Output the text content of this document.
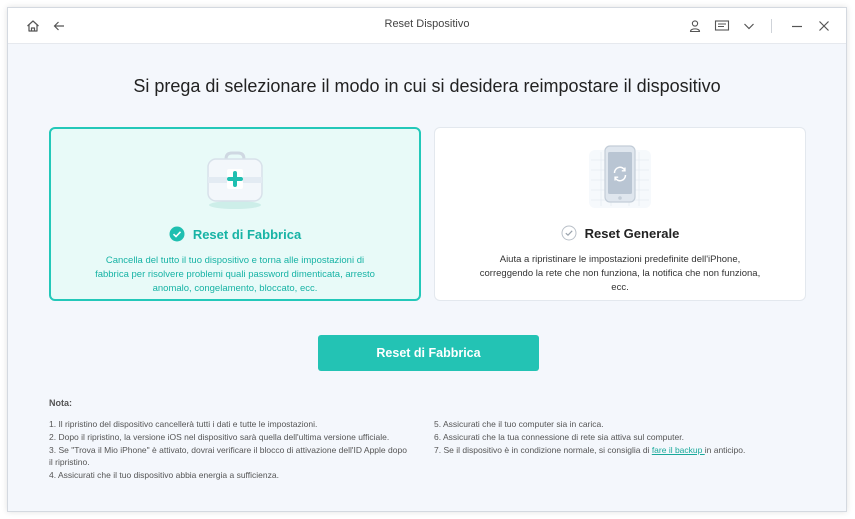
Reset Dispositivo
Si prega di selezionare il modo in cui si desidera reimpostare il dispositivo
Reset di Fabbrica
Cancella del tutto il tuo dispositivo e torna alle impostazioni di fabbrica per risolvere problemi quali password dimenticata, arresto anomalo, congelamento, bloccato, ecc.
Reset Generale
Aiuta a ripristinare le impostazioni predefinite dell'iPhone, correggendo la rete che non funziona, la notifica che non funziona, ecc.
Reset di Fabbrica
Nota:

1. Il ripristino del dispositivo cancellerà tutti i dati e tutte le impostazioni.

2. Dopo il ripristino, la versione iOS nel dispositivo sarà quella dell'ultima versione ufficiale.

3. Se "Trova il Mio iPhone" è attivato, dovrai verificare il blocco di attivazione dell'ID Apple dopo il ripristino.

4. Assicurati che il tuo dispositivo abbia energia a sufficienza.

5. Assicurati che il tuo computer sia in carica.

6. Assicurati che la tua connessione di rete sia attiva sul computer.

7. Se il dispositivo è in condizione normale, si consiglia di fare il backup in anticipo.
